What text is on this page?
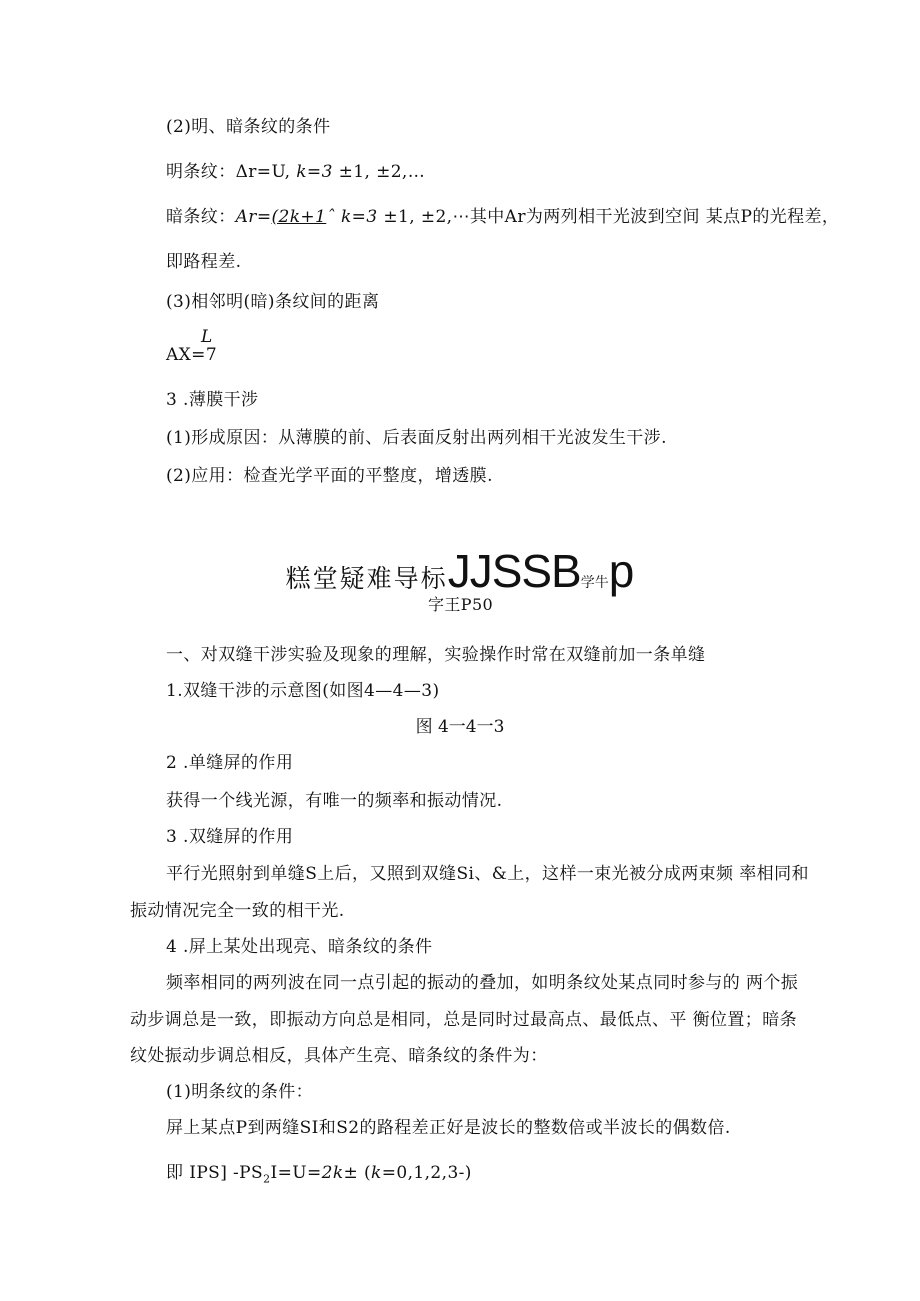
(2)明、暗条纹的条件
明条纹：Δr=U, k=3 ±1, ±2,…
暗条纹：Ar=(2k+1ˆ k=3 ±1, ±2,⋯其中Ar为两列相干光波到空间 某点P的光程差，
即路程差.
(3)相邻明(暗)条纹间的距离
L
AX=7
3 .薄膜干涉
(1)形成原因：从薄膜的前、后表面反射出两列相干光波发生干涉.
(2)应用：检查光学平面的平整度，增透膜.
糕堂疑难导标JJSSB学牛p
字王P50
一、对双缝干涉实验及现象的理解，实验操作时常在双缝前加一条单缝
1.双缝干涉的示意图(如图4—4—3)
图 4一4一3
2 .单缝屏的作用
获得一个线光源，有唯一的频率和振动情况.
3 .双缝屏的作用
平行光照射到单缝S上后，又照到双缝Si、&上，这样一束光被分成两束频 率相同和
振动情况完全一致的相干光.
4 .屏上某处出现亮、暗条纹的条件
频率相同的两列波在同一点引起的振动的叠加，如明条纹处某点同时参与的 两个振
动步调总是一致，即振动方向总是相同，总是同时过最高点、最低点、平 衡位置；暗条
纹处振动步调总相反，具体产生亮、暗条纹的条件为：
(1)明条纹的条件：
屏上某点P到两缝SI和S2的路程差正好是波长的整数倍或半波长的偶数倍.
即 IPS] $-PS_2I=U=2k\pm (k=0,1,2,3-)$
